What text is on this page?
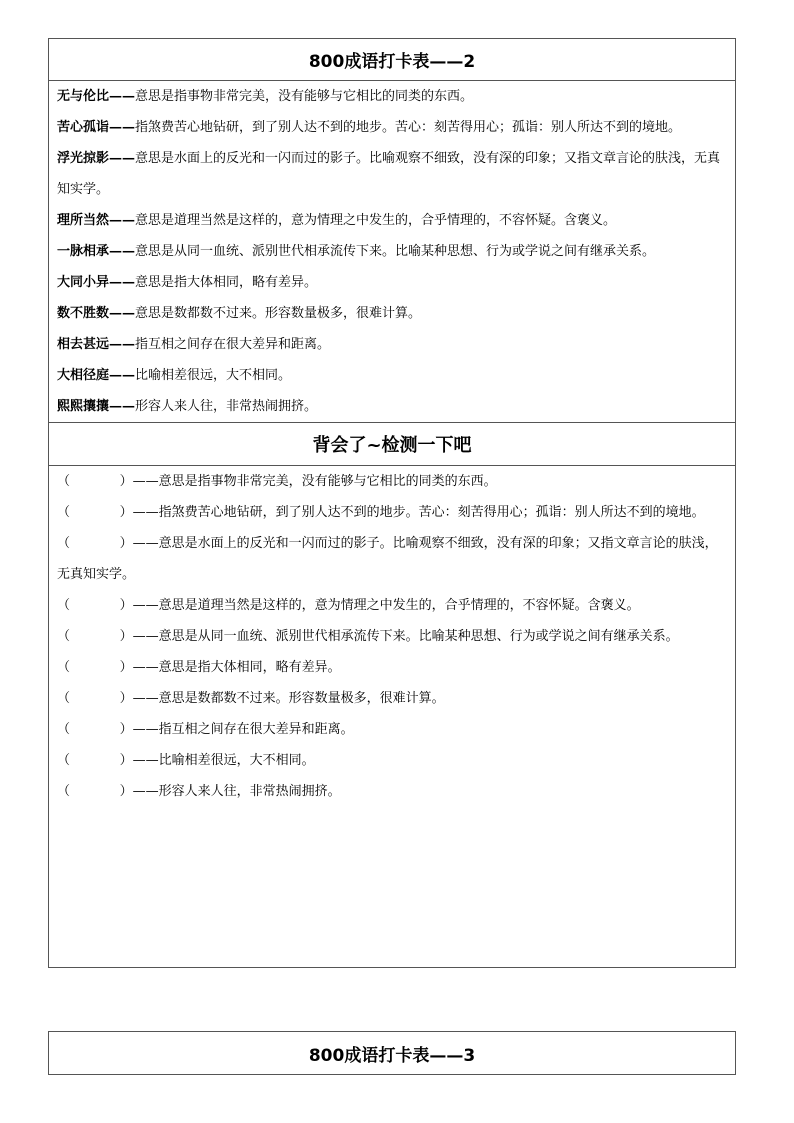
800成语打卡表——2

无与伦比——意思是指事物非常完美，没有能够与它相比的同类的东西。

苦心孤诣——指煞费苦心地钻研，到了别人达不到的地步。苦心：刻苦得用心；孤诣：别人所达不到的境地。

浮光掠影——意思是水面上的反光和一闪而过的影子。比喻观察不细致，没有深的印象；又指文章言论的肤浅，无真知实学。

理所当然——意思是道理当然是这样的，意为情理之中发生的，合乎情理的，不容怀疑。含褒义。

一脉相承——意思是从同一血统、派别世代相承流传下来。比喻某种思想、行为或学说之间有继承关系。

大同小异——意思是指大体相同，略有差异。

数不胜数——意思是数都数不过来。形容数量极多，很难计算。

相去甚远——指互相之间存在很大差异和距离。

大相径庭——比喻相差很远，大不相同。

熙熙攘攘——形容人来人往，非常热闹拥挤。

背会了~检测一下吧

（            ）——意思是指事物非常完美，没有能够与它相比的同类的东西。

（            ）——指煞费苦心地钻研，到了别人达不到的地步。苦心：刻苦得用心；孤诣：别人所达不到的境地。

（            ）——意思是水面上的反光和一闪而过的影子。比喻观察不细致，没有深的印象；又指文章言论的肤浅，无真知实学。

（            ）——意思是道理当然是这样的，意为情理之中发生的，合乎情理的，不容怀疑。含褒义。

（            ）——意思是从同一血统、派别世代相承流传下来。比喻某种思想、行为或学说之间有继承关系。

（            ）——意思是指大体相同，略有差异。

（            ）——意思是数都数不过来。形容数量极多，很难计算。

（            ）——指互相之间存在很大差异和距离。

（            ）——比喻相差很远，大不相同。

（            ）——形容人来人往，非常热闹拥挤。

800成语打卡表——3
